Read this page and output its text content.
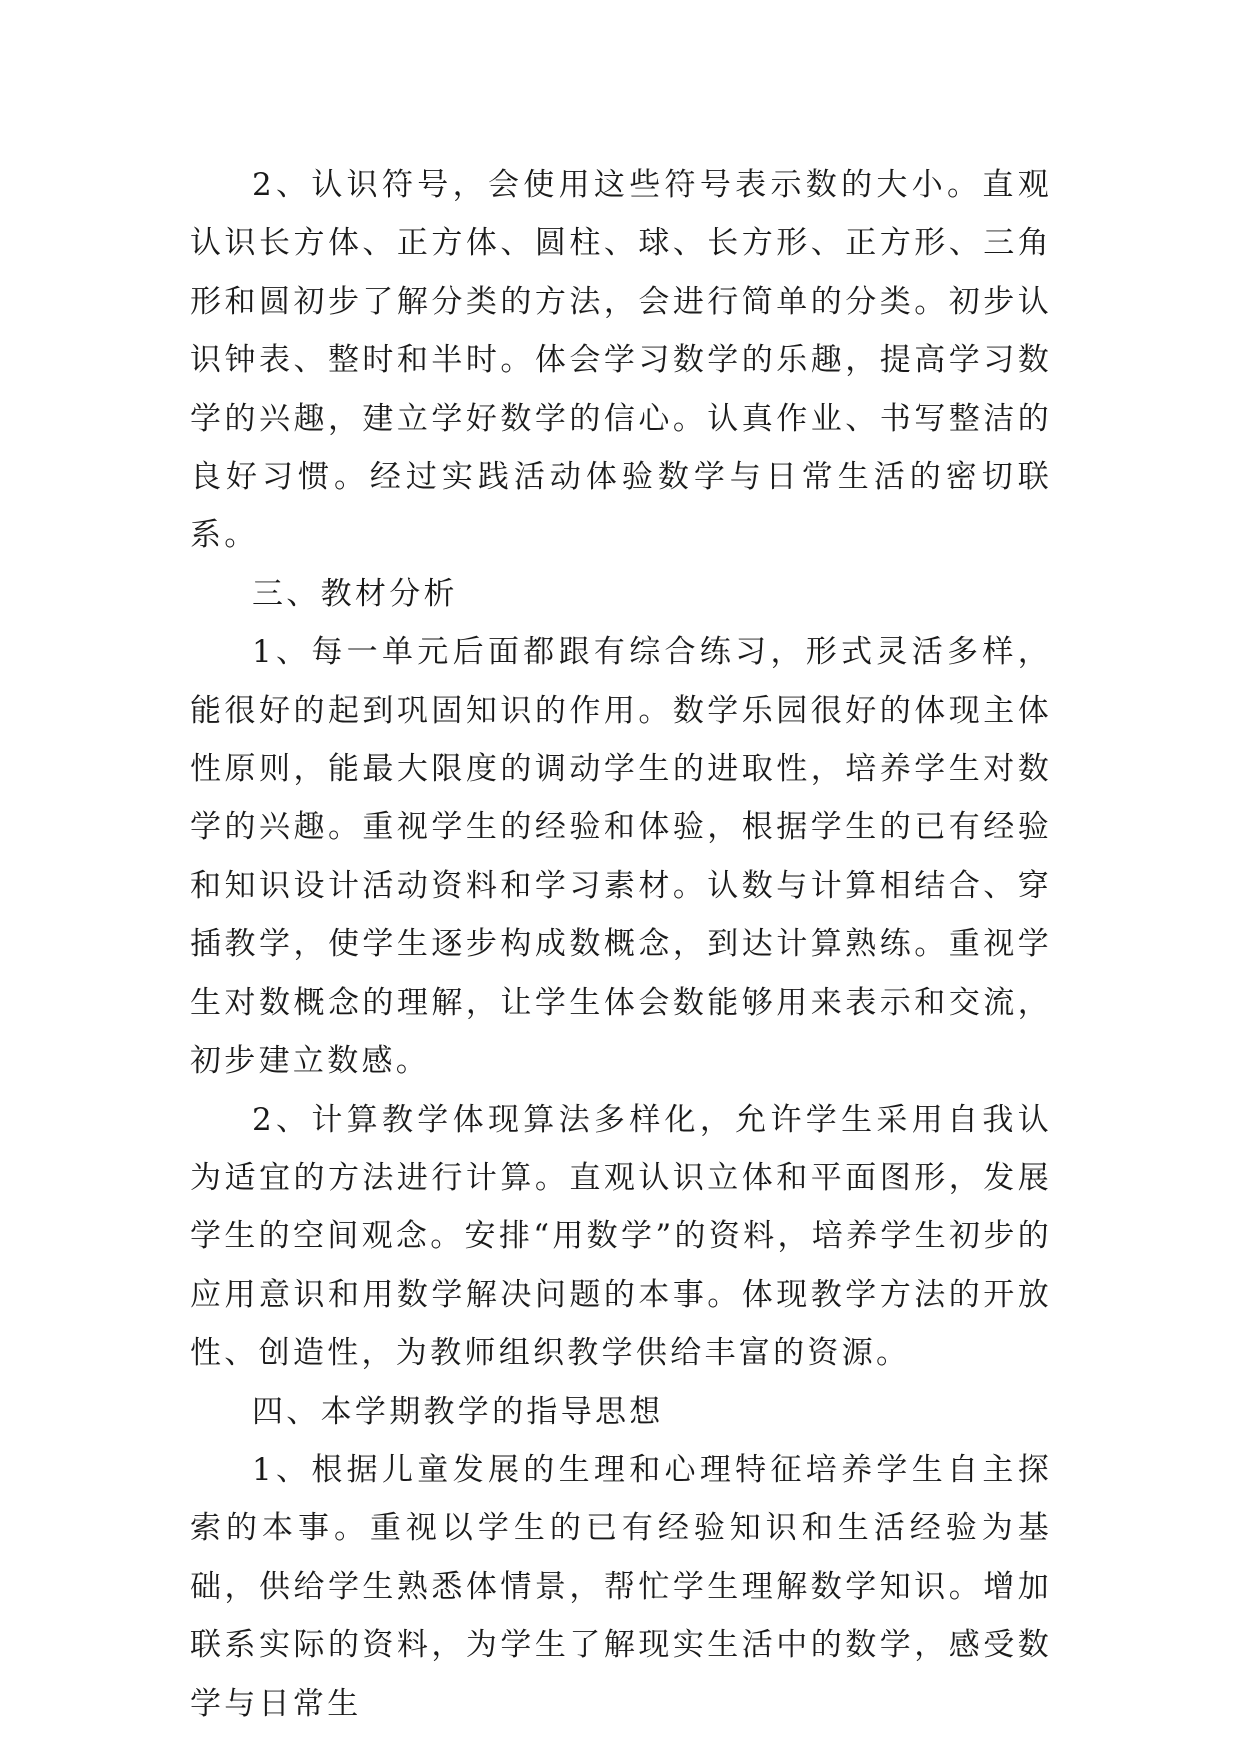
2、认识符号，会使用这些符号表示数的大小。直观认识长方体、正方体、圆柱、球、长方形、正方形、三角形和圆初步了解分类的方法，会进行简单的分类。初步认识钟表、整时和半时。体会学习数学的乐趣，提高学习数学的兴趣，建立学好数学的信心。认真作业、书写整洁的良好习惯。经过实践活动体验数学与日常生活的密切联系。

三、教材分析

1、每一单元后面都跟有综合练习，形式灵活多样，能很好的起到巩固知识的作用。数学乐园很好的体现主体性原则，能最大限度的调动学生的进取性，培养学生对数学的兴趣。重视学生的经验和体验，根据学生的已有经验和知识设计活动资料和学习素材。认数与计算相结合、穿插教学，使学生逐步构成数概念，到达计算熟练。重视学生对数概念的理解，让学生体会数能够用来表示和交流，初步建立数感。

2、计算教学体现算法多样化，允许学生采用自我认为适宜的方法进行计算。直观认识立体和平面图形，发展学生的空间观念。安排“用数学”的资料，培养学生初步的应用意识和用数学解决问题的本事。体现教学方法的开放性、创造性，为教师组织教学供给丰富的资源。

四、本学期教学的指导思想

1、根据儿童发展的生理和心理特征培养学生自主探索的本事。重视以学生的已有经验知识和生活经验为基础，供给学生熟悉体情景，帮忙学生理解数学知识。增加联系实际的资料，为学生了解现实生活中的数学，感受数学与日常生
